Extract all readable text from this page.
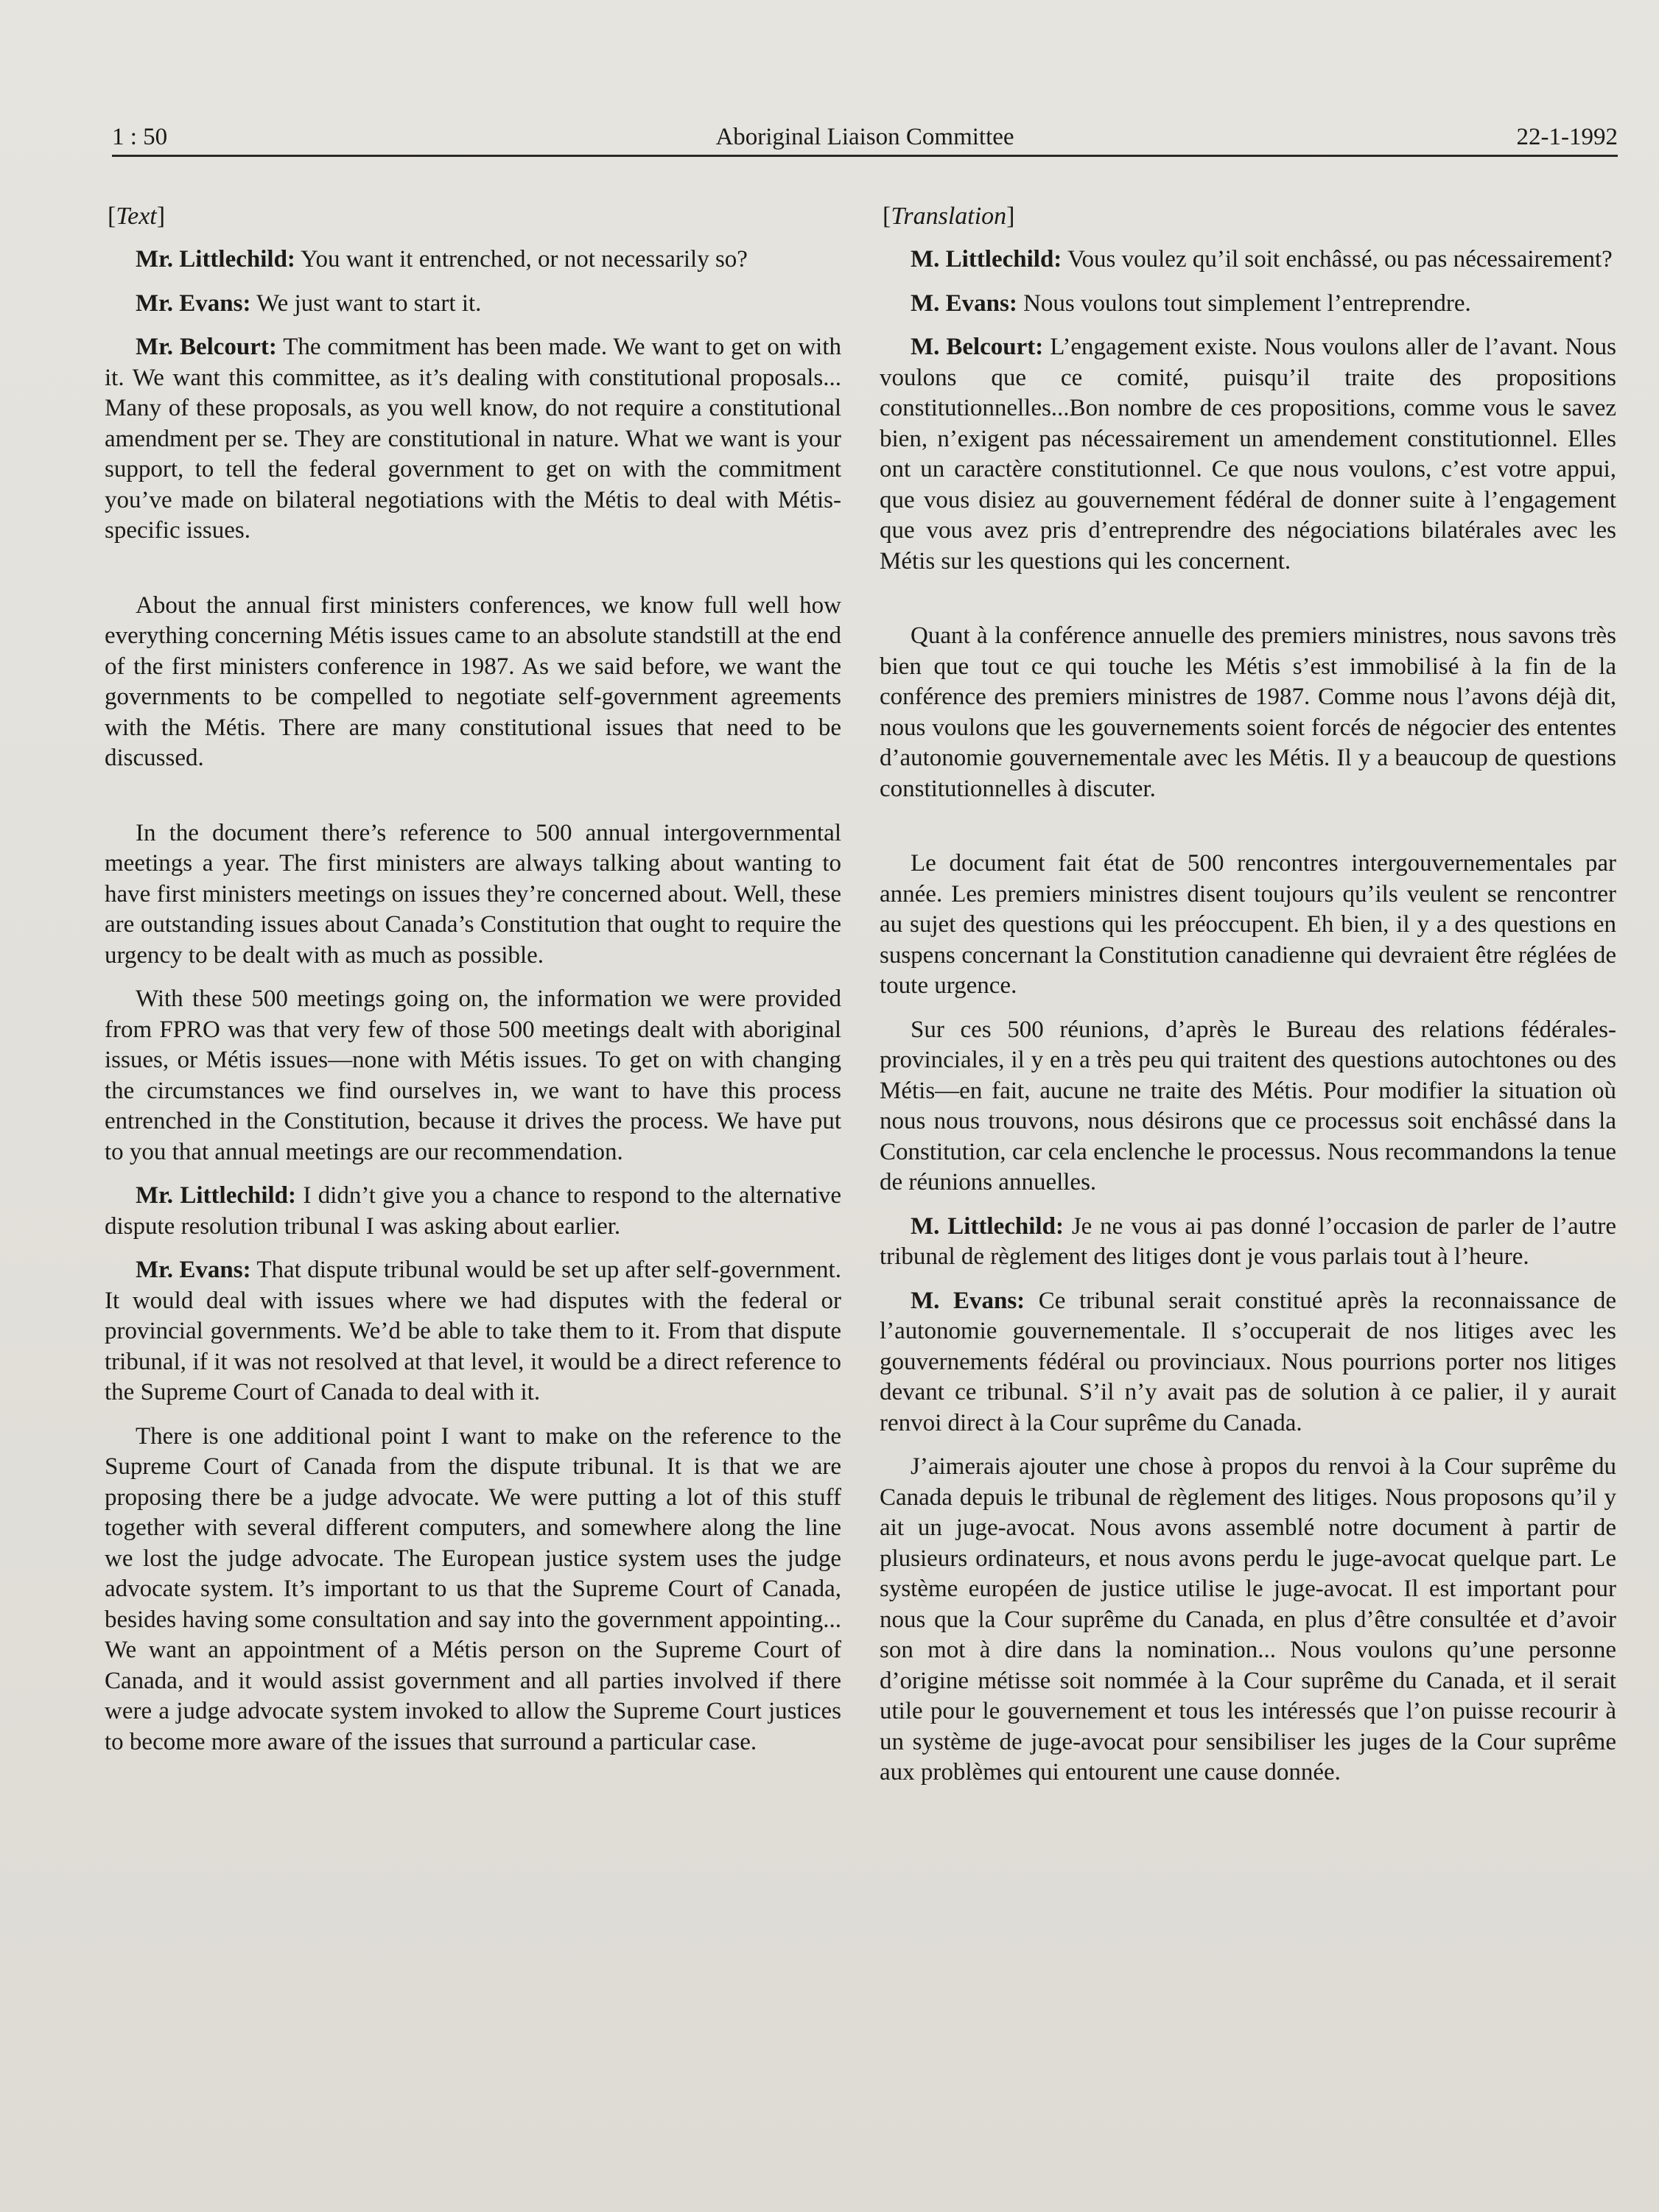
1 : 50	Aboriginal Liaison Committee	22-1-1992
[Text]

Mr. Littlechild: You want it entrenched, or not necessarily so?

Mr. Evans: We just want to start it.

Mr. Belcourt: The commitment has been made. We want to get on with it. We want this committee, as it’s dealing with constitutional proposals... Many of these proposals, as you well know, do not require a constitutional amendment per se. They are constitutional in nature. What we want is your support, to tell the federal government to get on with the commitment you’ve made on bilateral negotiations with the Métis to deal with Métis-specific issues.

About the annual first ministers conferences, we know full well how everything concerning Métis issues came to an absolute standstill at the end of the first ministers conference in 1987. As we said before, we want the governments to be compelled to negotiate self-government agreements with the Métis. There are many constitutional issues that need to be discussed.

In the document there’s reference to 500 annual intergovernmental meetings a year. The first ministers are always talking about wanting to have first ministers meetings on issues they’re concerned about. Well, these are outstanding issues about Canada’s Constitution that ought to require the urgency to be dealt with as much as possible.

With these 500 meetings going on, the information we were provided from FPRO was that very few of those 500 meetings dealt with aboriginal issues, or Métis issues—none with Métis issues. To get on with changing the circumstances we find ourselves in, we want to have this process entrenched in the Constitution, because it drives the process. We have put to you that annual meetings are our recommendation.

Mr. Littlechild: I didn’t give you a chance to respond to the alternative dispute resolution tribunal I was asking about earlier.

Mr. Evans: That dispute tribunal would be set up after self-government. It would deal with issues where we had disputes with the federal or provincial governments. We’d be able to take them to it. From that dispute tribunal, if it was not resolved at that level, it would be a direct reference to the Supreme Court of Canada to deal with it.

There is one additional point I want to make on the reference to the Supreme Court of Canada from the dispute tribunal. It is that we are proposing there be a judge advocate. We were putting a lot of this stuff together with several different computers, and somewhere along the line we lost the judge advocate. The European justice system uses the judge advocate system. It’s important to us that the Supreme Court of Canada, besides having some consultation and say into the government appointing... We want an appointment of a Métis person on the Supreme Court of Canada, and it would assist government and all parties involved if there were a judge advocate system invoked to allow the Supreme Court justices to become more aware of the issues that surround a particular case.

[Translation]

M. Littlechild: Vous voulez qu’il soit enchâssé, ou pas nécessairement?

M. Evans: Nous voulons tout simplement l’entreprendre.

M. Belcourt: L’engagement existe. Nous voulons aller de l’avant. Nous voulons que ce comité, puisqu’il traite des propositions constitutionnelles...Bon nombre de ces propositions, comme vous le savez bien, n’exigent pas nécessairement un amendement constitutionnel. Elles ont un caractère constitutionnel. Ce que nous voulons, c’est votre appui, que vous disiez au gouvernement fédéral de donner suite à l’engagement que vous avez pris d’entreprendre des négociations bilatérales avec les Métis sur les questions qui les concernent.

Quant à la conférence annuelle des premiers ministres, nous savons très bien que tout ce qui touche les Métis s’est immobilisé à la fin de la conférence des premiers ministres de 1987. Comme nous l’avons déjà dit, nous voulons que les gouvernements soient forcés de négocier des ententes d’autonomie gouvernementale avec les Métis. Il y a beaucoup de questions constitutionnelles à discuter.

Le document fait état de 500 rencontres intergouvernementales par année. Les premiers ministres disent toujours qu’ils veulent se rencontrer au sujet des questions qui les préoccupent. Eh bien, il y a des questions en suspens concernant la Constitution canadienne qui devraient être réglées de toute urgence.

Sur ces 500 réunions, d’après le Bureau des relations fédérales-provinciales, il y en a très peu qui traitent des questions autochtones ou des Métis—en fait, aucune ne traite des Métis. Pour modifier la situation où nous nous trouvons, nous désirons que ce processus soit enchâssé dans la Constitution, car cela enclenche le processus. Nous recommandons la tenue de réunions annuelles.

M. Littlechild: Je ne vous ai pas donné l’occasion de parler de l’autre tribunal de règlement des litiges dont je vous parlais tout à l’heure.

M. Evans: Ce tribunal serait constitué après la reconnaissance de l’autonomie gouvernementale. Il s’occuperait de nos litiges avec les gouvernements fédéral ou provinciaux. Nous pourrions porter nos litiges devant ce tribunal. S’il n’y avait pas de solution à ce palier, il y aurait renvoi direct à la Cour suprême du Canada.

J’aimerais ajouter une chose à propos du renvoi à la Cour suprême du Canada depuis le tribunal de règlement des litiges. Nous proposons qu’il y ait un juge-avocat. Nous avons assemblé notre document à partir de plusieurs ordinateurs, et nous avons perdu le juge-avocat quelque part. Le système européen de justice utilise le juge-avocat. Il est important pour nous que la Cour suprême du Canada, en plus d’être consultée et d’avoir son mot à dire dans la nomination... Nous voulons qu’une personne d’origine métisse soit nommée à la Cour suprême du Canada, et il serait utile pour le gouvernement et tous les intéressés que l’on puisse recourir à un système de juge-avocat pour sensibiliser les juges de la Cour suprême aux problèmes qui entourent une cause donnée.
